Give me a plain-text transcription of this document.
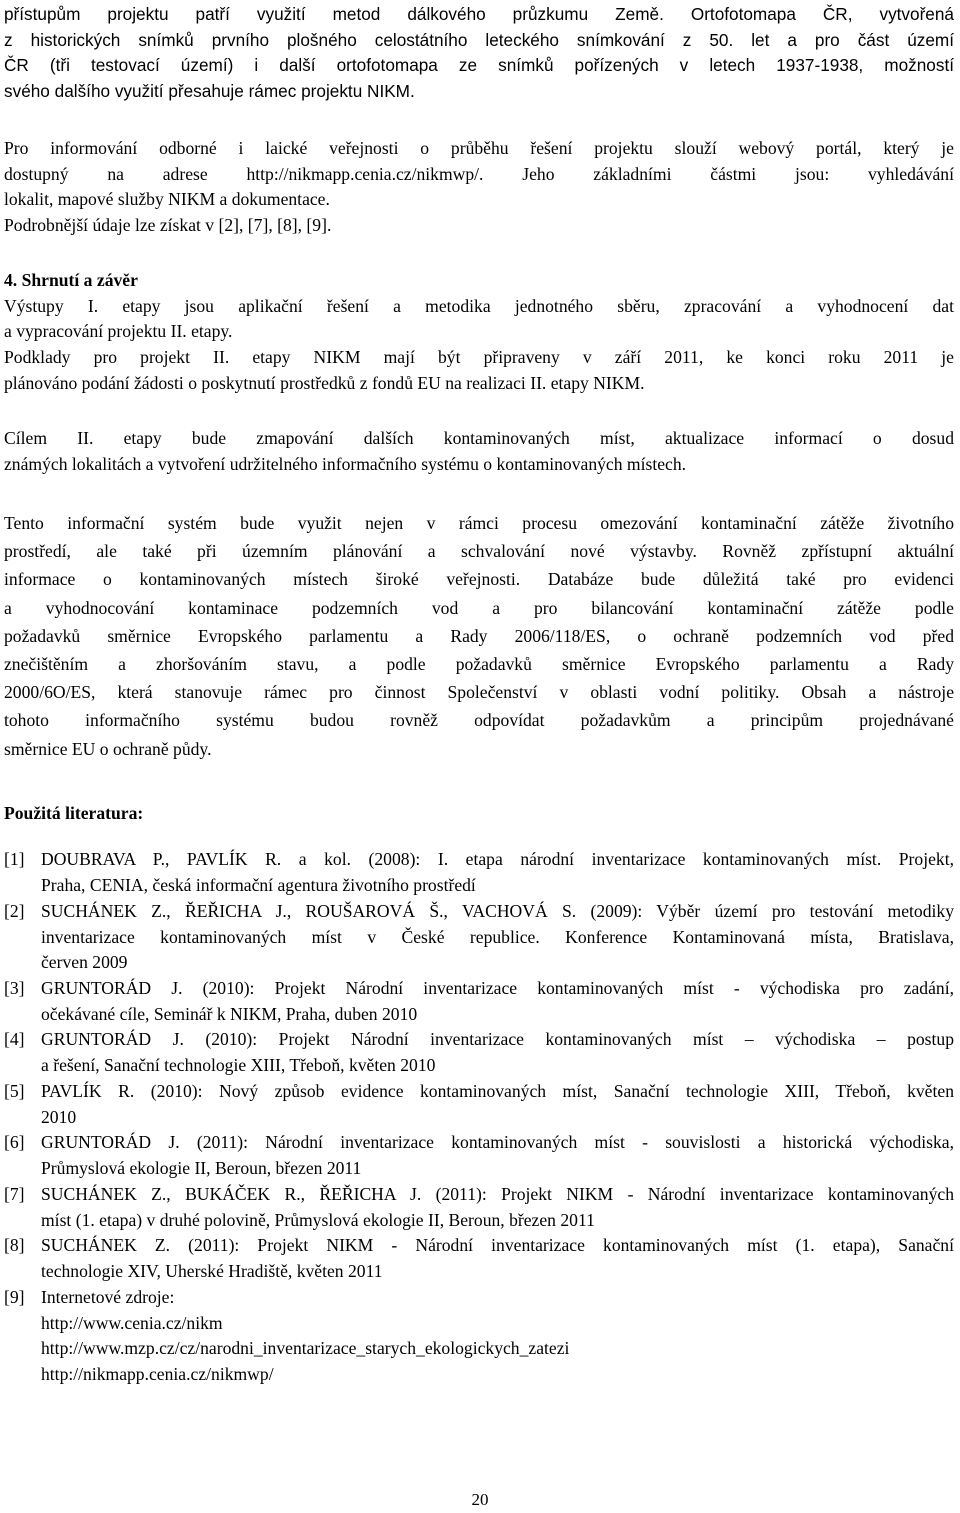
přístupům projektu patří využití metod dálkového průzkumu Země. Ortofotomapa ČR, vytvořená

z historických snímků prvního plošného celostátního leteckého snímkování z 50. let a pro část území

ČR (tři testovací území) i další ortofotomapa ze snímků pořízených v letech 1937-1938, možností

svého dalšího využití přesahuje rámec projektu NIKM.

Pro informování odborné i laické veřejnosti o průběhu řešení projektu slouží webový portál, který je

dostupný na adrese http://nikmapp.cenia.cz/nikmwp/. Jeho základními částmi jsou: vyhledávání

lokalit, mapové služby NIKM a dokumentace.

Podrobnější údaje lze získat v [2], [7], [8], [9].

4. Shrnutí a závěr

Výstupy I. etapy jsou aplikační řešení a metodika jednotného sběru, zpracování a vyhodnocení dat

a vypracování projektu II. etapy.

Podklady pro projekt II. etapy NIKM mají být připraveny v září 2011, ke konci roku 2011 je

plánováno podání žádosti o poskytnutí prostředků z fondů EU na realizaci II. etapy NIKM.

Cílem II. etapy bude zmapování dalších kontaminovaných míst, aktualizace informací o dosud

známých lokalitách a vytvoření udržitelného informačního systému o kontaminovaných místech.

Tento informační systém bude využit nejen v rámci procesu omezování kontaminační zátěže životního

prostředí, ale také při územním plánování a schvalování nové výstavby. Rovněž zpřístupní aktuální

informace o kontaminovaných místech široké veřejnosti. Databáze bude důležitá také pro evidenci

a vyhodnocování kontaminace podzemních vod a pro bilancování kontaminační zátěže podle

požadavků směrnice Evropského parlamentu a Rady 2006/118/ES, o ochraně podzemních vod před

znečištěním a zhoršováním stavu, a podle požadavků směrnice Evropského parlamentu a Rady

2000/6O/ES, která stanovuje rámec pro činnost Společenství v oblasti vodní politiky. Obsah a nástroje

tohoto informačního systému budou rovněž odpovídat požadavkům a principům projednávané

směrnice EU o ochraně půdy.

Použitá literatura:

[1] DOUBRAVA P., PAVLÍK R. a kol. (2008): I. etapa národní inventarizace kontaminovaných míst. Projekt,

Praha, CENIA, česká informační agentura životního prostředí

[2] SUCHÁNEK Z., ŘEŘICHA J., ROUŠAROVÁ Š., VACHOVÁ S. (2009): Výběr území pro testování metodiky

inventarizace kontaminovaných míst v České republice. Konference Kontaminovaná místa, Bratislava,

červen 2009

[3] GRUNTORÁD J. (2010): Projekt Národní inventarizace kontaminovaných míst - východiska pro zadání,

očekávané cíle, Seminář k NIKM, Praha, duben 2010

[4] GRUNTORÁD J. (2010): Projekt Národní inventarizace kontaminovaných míst – východiska – postup

a řešení, Sanační technologie XIII, Třeboň, květen 2010

[5] PAVLÍK R. (2010): Nový způsob evidence kontaminovaných míst, Sanační technologie XIII, Třeboň, květen

2010

[6] GRUNTORÁD J. (2011): Národní inventarizace kontaminovaných míst - souvislosti a historická východiska,

Průmyslová ekologie II, Beroun, březen 2011

[7] SUCHÁNEK Z., BUKÁČEK R., ŘEŘICHA J. (2011): Projekt NIKM - Národní inventarizace kontaminovaných

míst (1. etapa) v druhé polovině, Průmyslová ekologie II, Beroun, březen 2011

[8] SUCHÁNEK Z. (2011): Projekt NIKM - Národní inventarizace kontaminovaných míst (1. etapa), Sanační

technologie XIV, Uherské Hradiště, květen 2011

[9] Internetové zdroje:

http://www.cenia.cz/nikm

http://www.mzp.cz/cz/narodni_inventarizace_starych_ekologickych_zatezi

http://nikmapp.cenia.cz/nikmwp/

20
